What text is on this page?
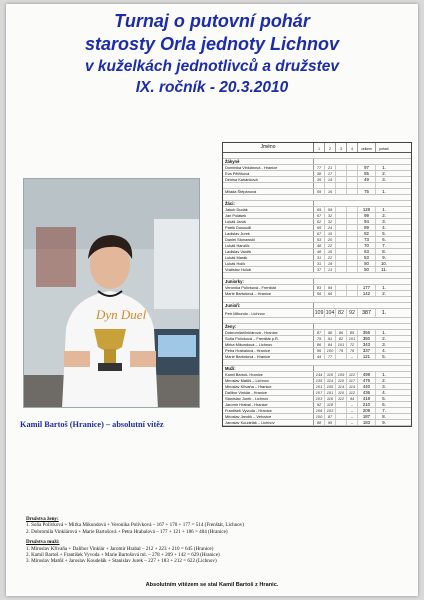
Turnaj o putovní pohár
starosty Orla jednoty Lichnov
v kuželkách jednotlivců a družstev
IX. ročník - 20.3.2010
Dyn Duel
Kamil Bartoš (Hranice) – absolutní vítěz
Jméno	1	2	3	4	celkem	pořadí
Žákyně
Dominika Vinklárová - Hranice	77	21	97	1.
Eva Pětříková	38	17	55	2.
Denisa Kahánková	35	14	49	3.
Milada Štěpánová	59	16	75	1.
Žáci:
Jakub Dudák	69	59	128	1.
Jan Polášek	67	32	99	2.
Lukáš Jaroš	62	32	94	3.
Patrik Dosoudil	65	24	89	4.
Ladislav Jurek	67	15	82	5.
Daniel Stonawski	53	20	73	6.
Lukáš Hanzlík	48	22	70	7.
Ladislav Vaněk	48	15	63	8.
Lukáš Marák	31	22	53	9.
Lukáš Holík	31	19	50	10.
Vratislav Holub	37	13	50	11.
Juniorky:
Veronika Polívková - Frenštát	83	94	177	1.
Marie Bartošová – Hranice	56	66	142	2.
Junioři:
Petr Mikundo - Lichnov	109 104 82 92	387	1.
Ženy:
DobromilaVinklárová - Hranice	87	98	86	85	356	1.
Soňa Polívková – Frenštát p.R.	79	91	82	101	350	2.
Mirka Mikundová – Lichnov	86	84	101	72	343	3.
Petra Hrabalová - Hranice	96	100	75	76	337	4.
Marie Bartošová - Hranice	44	77	–	121	5.
Muži:
Kamil Bartoš- Hranice	144	116	109	112	499	1.
Miroslav Matůš – Lichnov	135	114	110	117	476	2.
Miroslav Křivaňa – Hranice	101	105	114	114	440	3.
Dalibor Vinklár - Hranice	107	101	110	112	436	4.
Stanislav Jurek - Lichnov	103	116	112	94	418	5.
Jaromír Hrabal - Hranice	92	118	–	210	6.
František Vyvoda - Hranice	106	103	–	209	7.
Miroslav Jandík – Veřovice	100	87	–	187	8.
Jaroslav Koudelák – Lichnov	88	95	–	183	9.
Družstva ženy:
1. Soňa Polívková + Mirka Mikundová + Veronika Polívková – 167 + 170 + 177 = 514 (Frenštát, Lichnov)
2. Dobromila Vinklárová + Marie Bartošová + Petra Hrabalová – 177 + 121 + 186 = 484 (Hranice)
Družstva muži:
1. Miroslav Křivaňa + Dalibor Vinklár + Jaromír Hrabal – 212 + 223 + 210 = 645 (Hranice)
2. Kamil Bartoš + František Vyvoda + Marie Bartošová ml. – 278 + 209 + 142 = 629 (Hranice)
3. Miroslav Matůš + Jaroslav Koudelák + Stanislav Jurek – 227 + 183 + 212 = 622 (Lichnov)
Absolutním vítězem se stal Kamil Bartoš z Hranic.
